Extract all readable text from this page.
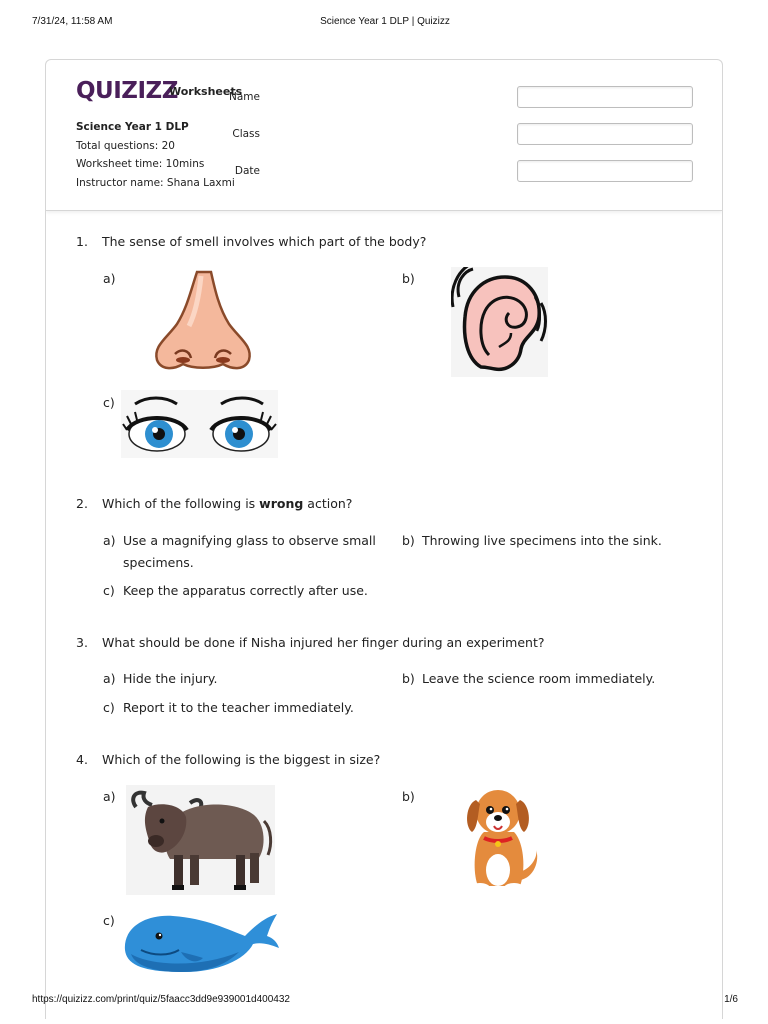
7/31/24, 11:58 AM	Science Year 1 DLP | Quizizz
QUIZIZZ
Worksheets
Science Year 1 DLP
Total questions: 20
Worksheet time: 10mins
Instructor name: Shana Laxmi
Name
Class
Date
1.	The sense of smell involves which part of the body?
a)	b)
c)
2.	Which of the following is wrong action?
a) Use a magnifying glass to observe small
specimens.
b) Throwing live specimens into the sink.
c) Keep the apparatus correctly after use.
3.	What should be done if Nisha injured her finger during an experiment?
a) Hide the injury.	b) Leave the science room immediately.
c) Report it to the teacher immediately.
4.	Which of the following is the biggest in size?
a)	b)
c)
https://quizizz.com/print/quiz/5faacc3dd9e939001d400432	1/6
